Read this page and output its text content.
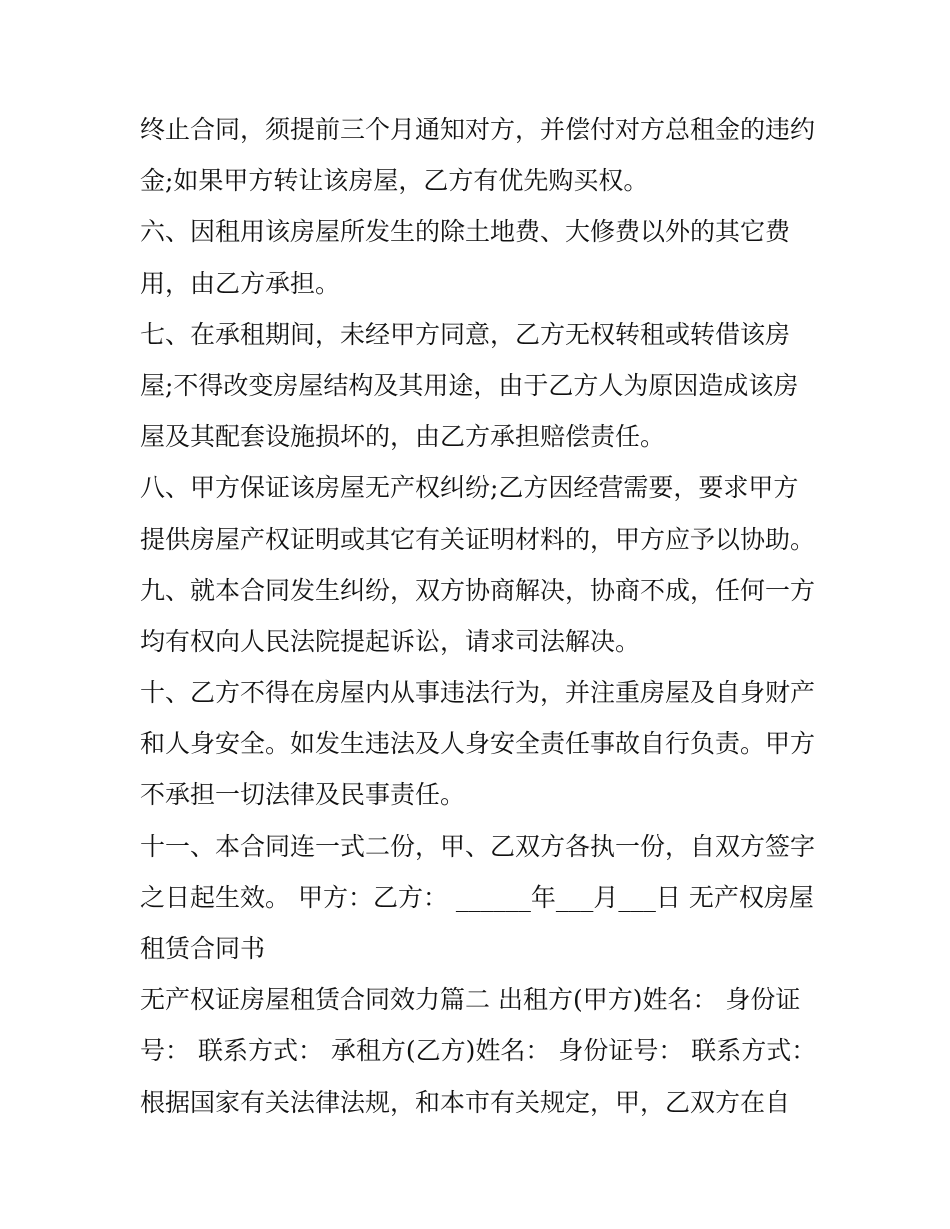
终止合同，须提前三个月通知对方，并偿付对方总租金的违约
金;如果甲方转让该房屋，乙方有优先购买权。
六、因租用该房屋所发生的除土地费、大修费以外的其它费
用，由乙方承担。
七、在承租期间，未经甲方同意，乙方无权转租或转借该房
屋;不得改变房屋结构及其用途，由于乙方人为原因造成该房
屋及其配套设施损坏的，由乙方承担赔偿责任。
八、甲方保证该房屋无产权纠纷;乙方因经营需要，要求甲方
提供房屋产权证明或其它有关证明材料的，甲方应予以协助。
九、就本合同发生纠纷，双方协商解决，协商不成，任何一方
均有权向人民法院提起诉讼，请求司法解决。
十、乙方不得在房屋内从事违法行为，并注重房屋及自身财产
和人身安全。如发生违法及人身安全责任事故自行负责。甲方
不承担一切法律及民事责任。
十一、本合同连一式二份，甲、乙双方各执一份，自双方签字
之日起生效。 甲方：乙方： ______年___月___日 无产权房屋
租赁合同书
无产权证房屋租赁合同效力篇二 出租方(甲方)姓名： 身份证
号： 联系方式： 承租方(乙方)姓名： 身份证号： 联系方式：
根据国家有关法律法规，和本市有关规定，甲，乙双方在自
